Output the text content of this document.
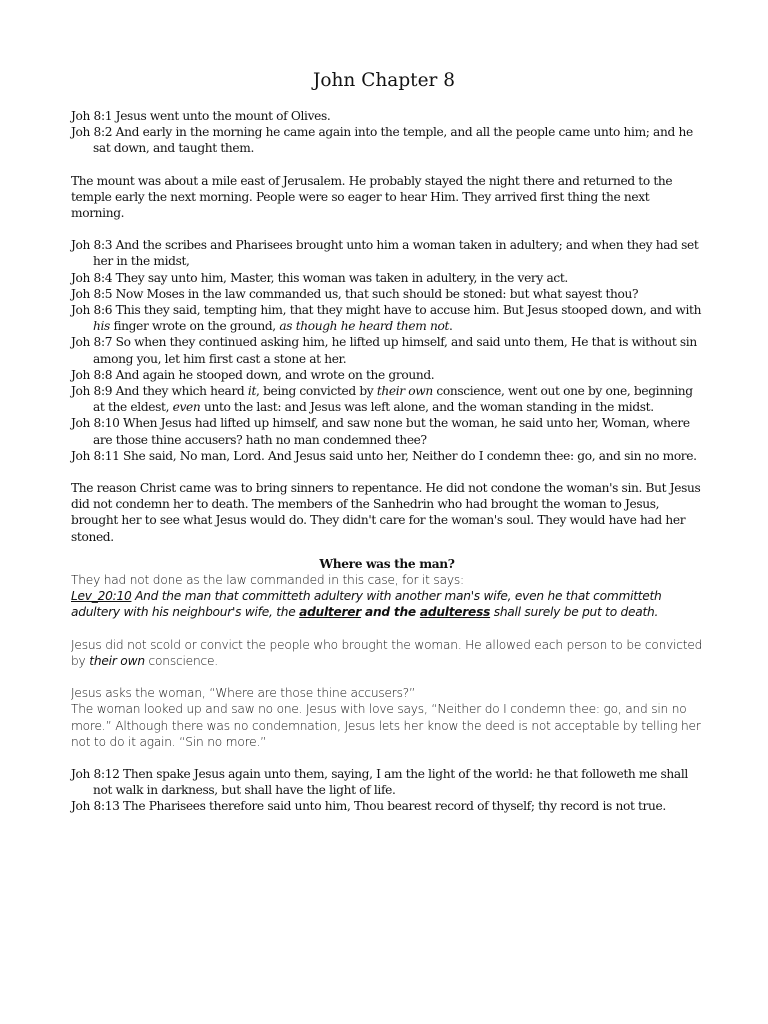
John Chapter 8
Joh 8:1 Jesus went unto the mount of Olives.
Joh 8:2 And early in the morning he came again into the temple, and all the people came unto him; and he sat down, and taught them.
The mount was about a mile east of Jerusalem. He probably stayed the night there and returned to the temple early the next morning. People were so eager to hear Him. They arrived first thing the next morning.
Joh 8:3 And the scribes and Pharisees brought unto him a woman taken in adultery; and when they had set her in the midst,
Joh 8:4 They say unto him, Master, this woman was taken in adultery, in the very act.
Joh 8:5 Now Moses in the law commanded us, that such should be stoned: but what sayest thou?
Joh 8:6 This they said, tempting him, that they might have to accuse him. But Jesus stooped down, and with his finger wrote on the ground, as though he heard them not.
Joh 8:7 So when they continued asking him, he lifted up himself, and said unto them, He that is without sin among you, let him first cast a stone at her.
Joh 8:8 And again he stooped down, and wrote on the ground.
Joh 8:9 And they which heard it, being convicted by their own conscience, went out one by one, beginning at the eldest, even unto the last: and Jesus was left alone, and the woman standing in the midst.
Joh 8:10 When Jesus had lifted up himself, and saw none but the woman, he said unto her, Woman, where are those thine accusers? hath no man condemned thee?
Joh 8:11 She said, No man, Lord. And Jesus said unto her, Neither do I condemn thee: go, and sin no more.
The reason Christ came was to bring sinners to repentance. He did not condone the woman's sin. But Jesus did not condemn her to death. The members of the Sanhedrin who had brought the woman to Jesus, brought her to see what Jesus would do. They didn't care for the woman's soul. They would have had her stoned.
Where was the man?
They had not done as the law commanded in this case, for it says:
Lev_20:10 And the man that committeth adultery with another man's wife, even he that committeth adultery with his neighbour's wife, the adulterer and the adulteress shall surely be put to death.
Jesus did not scold or convict the people who brought the woman. He allowed each person to be convicted by their own conscience.
Jesus asks the woman, “Where are those thine accusers?”
The woman looked up and saw no one. Jesus with love says, “Neither do I condemn thee: go, and sin no more.” Although there was no condemnation, Jesus lets her know the deed is not acceptable by telling her not to do it again. “Sin no more.”
Joh 8:12 Then spake Jesus again unto them, saying, I am the light of the world: he that followeth me shall not walk in darkness, but shall have the light of life.
Joh 8:13 The Pharisees therefore said unto him, Thou bearest record of thyself; thy record is not true.
